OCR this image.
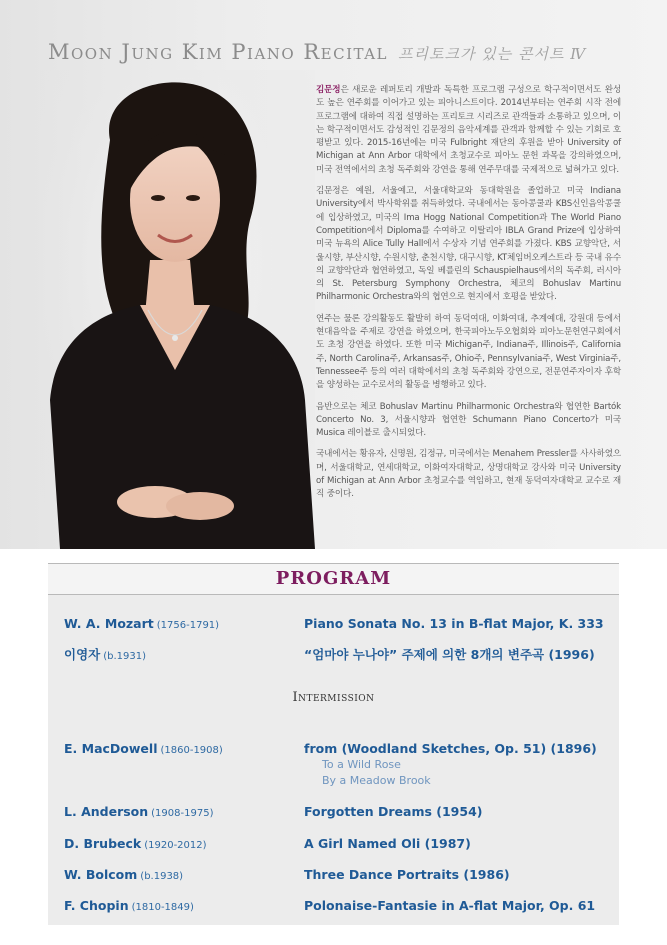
Moon Jung Kim Piano Recital 프리토크가 있는 콘서트 Ⅳ

김문정은 새로운 레퍼토리 개발과 독특한 프로그램 구성으로 학구적이면서도 완성도 높은 연주회를 이어가고 있는 피아니스트이다. 2014년부터는 연주회 시작 전에 프로그램에 대하여 직접 설명하는 프리토크 시리즈로 관객들과 소통하고 있으며, 이는 학구적이면서도 감성적인 김문정의 음악세계를 관객과 함께할 수 있는 기회로 호평받고 있다. 2015-16년에는 미국 Fulbright 재단의 후원을 받아 University of Michigan at Ann Arbor 대학에서 초청교수로 피아노 문헌 과목을 강의하였으며, 미국 전역에서의 초청 독주회와 강연을 통해 연주무대를 국제적으로 넓혀가고 있다.

김문정은 예원, 서울예고, 서울대학교와 동대학원을 졸업하고 미국 Indiana University에서 박사학위를 취득하였다. 국내에서는 동아콩쿨과 KBS신인음악콩쿨에 입상하였고, 미국의 Ima Hogg National Competition과 The World Piano Competition에서 Diploma를 수여하고 이탈리아 IBLA Grand Prize에 입상하여 미국 뉴욕의 Alice Tully Hall에서 수상자 기념 연주회를 가졌다. KBS 교향악단, 서울시향, 부산시향, 수원시향, 춘천시향, 대구시향, KT체임버오케스트라 등 국내 유수의 교향악단과 협연하였고, 독일 베를린의 Schauspielhaus에서의 독주회, 러시아의 St. Petersburg Symphony Orchestra, 체코의 Bohuslav Martinu Philharmonic Orchestra와의 협연으로 현지에서 호평을 받았다.

연주는 물론 강의활동도 활발히 하여 동덕여대, 이화여대, 추계예대, 강원대 등에서 현대음악을 주제로 강연을 하였으며, 한국피아노두오협회와 피아노문헌연구회에서도 초청 강연을 하였다. 또한 미국 Michigan주, Indiana주, Illinois주, California주, North Carolina주, Arkansas주, Ohio주, Pennsylvania주, West Virginia주, Tennessee주 등의 여러 대학에서의 초청 독주회와 강연으로, 전문연주자이자 후학을 양성하는 교수로서의 활동을 병행하고 있다.

음반으로는 체코 Bohuslav Martinu Philharmonic Orchestra와 협연한 Bartók Concerto No. 3, 서울시향과 협연한 Schumann Piano Concerto가 미국 Musica 레이블로 출시되었다.

국내에서는 황유자, 신명원, 김정규, 미국에서는 Menahem Pressler를 사사하였으며, 서울대학교, 연세대학교, 이화여자대학교, 상명대학교 강사와 미국 University of Michigan at Ann Arbor 초청교수를 역임하고, 현재 동덕여자대학교 교수로 재직 중이다.

PROGRAM
W. A. Mozart (1756-1791)	Piano Sonata No. 13 in B-flat Major, K. 333
이영자 (b.1931)	“엄마야 누나야” 주제에 의한 8개의 변주곡 (1996)
Intermission
E. MacDowell (1860-1908)	from (Woodland Sketches, Op. 51) (1896)
To a Wild Rose
By a Meadow Brook
L. Anderson (1908-1975)	Forgotten Dreams (1954)
D. Brubeck (1920-2012)	A Girl Named Oli (1987)
W. Bolcom (b.1938)	Three Dance Portraits (1986)
F. Chopin (1810-1849)	Polonaise-Fantasie in A-flat Major, Op. 61
